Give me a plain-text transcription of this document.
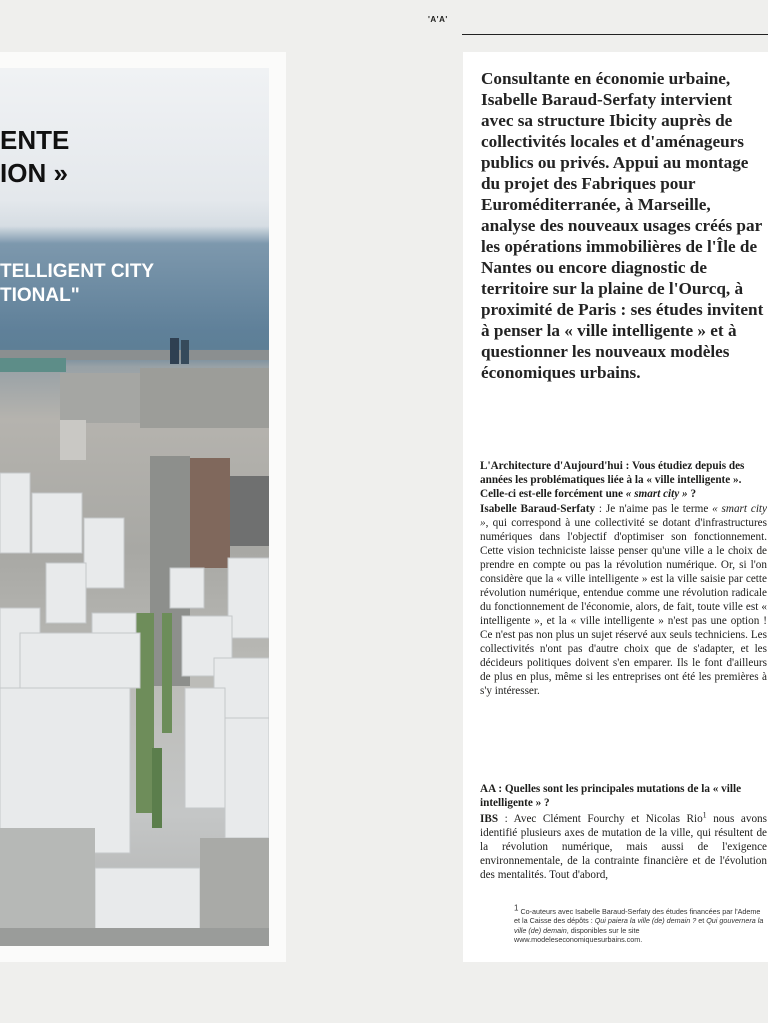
'A'A'
ENTE
ION »
TELLIGENT CITY
TIONAL"

Consultante en économie urbaine, Isabelle Baraud-Serfaty intervient avec sa structure Ibicity auprès de collectivités locales et d'aménageurs publics ou privés. Appui au montage du projet des Fabriques pour Euroméditerranée, à Marseille, analyse des nouveaux usages créés par les opérations immobilières de l'Île de Nantes ou encore diagnostic de territoire sur la plaine de l'Ourcq, à proximité de Paris : ses études invitent à penser la « ville intelligente » et à questionner les nouveaux modèles économiques urbains.

L'Architecture d'Aujourd'hui : Vous étudiez depuis des années les problématiques liée à la « ville intelligente ». Celle-ci est-elle forcément une « smart city » ?

Isabelle Baraud-Serfaty : Je n'aime pas le terme « smart city », qui correspond à une collectivité se dotant d'infrastructures numériques dans l'objectif d'optimiser son fonctionnement. Cette vision techniciste laisse penser qu'une ville a le choix de prendre en compte ou pas la révolution numérique. Or, si l'on considère que la « ville intelligente » est la ville saisie par cette révolution numérique, entendue comme une révolution radicale du fonctionnement de l'économie, alors, de fait, toute ville est « intelligente », et la « ville intelligente » n'est pas une option ! Ce n'est pas non plus un sujet réservé aux seuls techniciens. Les collectivités n'ont pas d'autre choix que de s'adapter, et les décideurs politiques doivent s'en emparer. Ils le font d'ailleurs de plus en plus, même si les entreprises ont été les premières à s'y intéresser.

AA : Quelles sont les principales mutations de la « ville intelligente » ?

IBS : Avec Clément Fourchy et Nicolas Rio$^1$ nous avons identifié plusieurs axes de mutation de la ville, qui résultent de la révolution numérique, mais aussi de l'exigence environnementale, de la contrainte financière et de l'évolution des mentalités. Tout d'abord,

$^1$ Co-auteurs avec Isabelle Baraud-Serfaty des études financées par l'Ademe et la Caisse des dépôts : Qui paiera la ville (de) demain ? et Qui gouvernera la ville (de) demain, disponibles sur le site www.modeleseconomiquesurbains.com.
